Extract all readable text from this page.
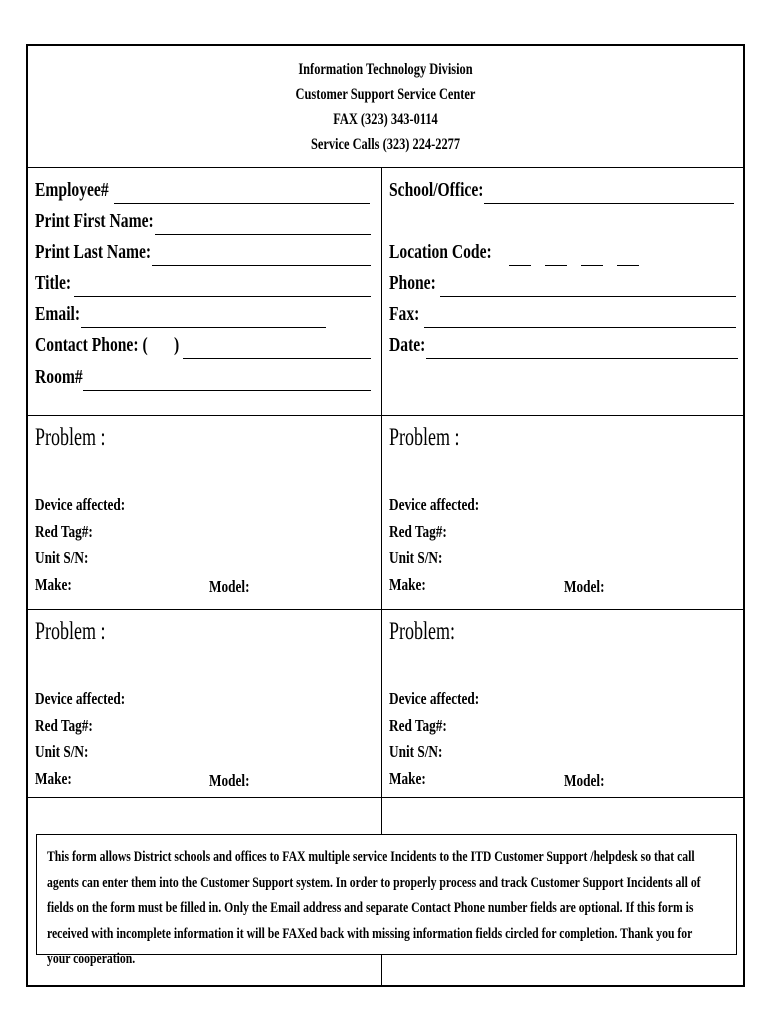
Information Technology Division
Customer Support Service Center
FAX (323) 343-0114
Service Calls (323) 224-2277
Employee#
Print First Name:
Print Last Name:
Title:
Email:
Contact Phone: ( )
Room#
School/Office:
Location Code:
Phone:
Fax:
Date:
Problem :
Device affected:
Red Tag#:
Unit S/N:
Make:	Model:
Problem :
Device affected:
Red Tag#:
Unit S/N:
Make:	Model:
Problem :
Device affected:
Red Tag#:
Unit S/N:
Make:	Model:
Problem:
Device affected:
Red Tag#:
Unit S/N:
Make:	Model:

This form allows District schools and offices to FAX multiple service Incidents to the ITD Customer Support /helpdesk so that call agents can enter them into the Customer Support system. In order to properly process and track Customer Support Incidents all of fields on the form must be filled in. Only the Email address and separate Contact Phone number fields are optional. If this form is received with incomplete information it will be FAXed back with missing information fields circled for completion. Thank you for your cooperation.
